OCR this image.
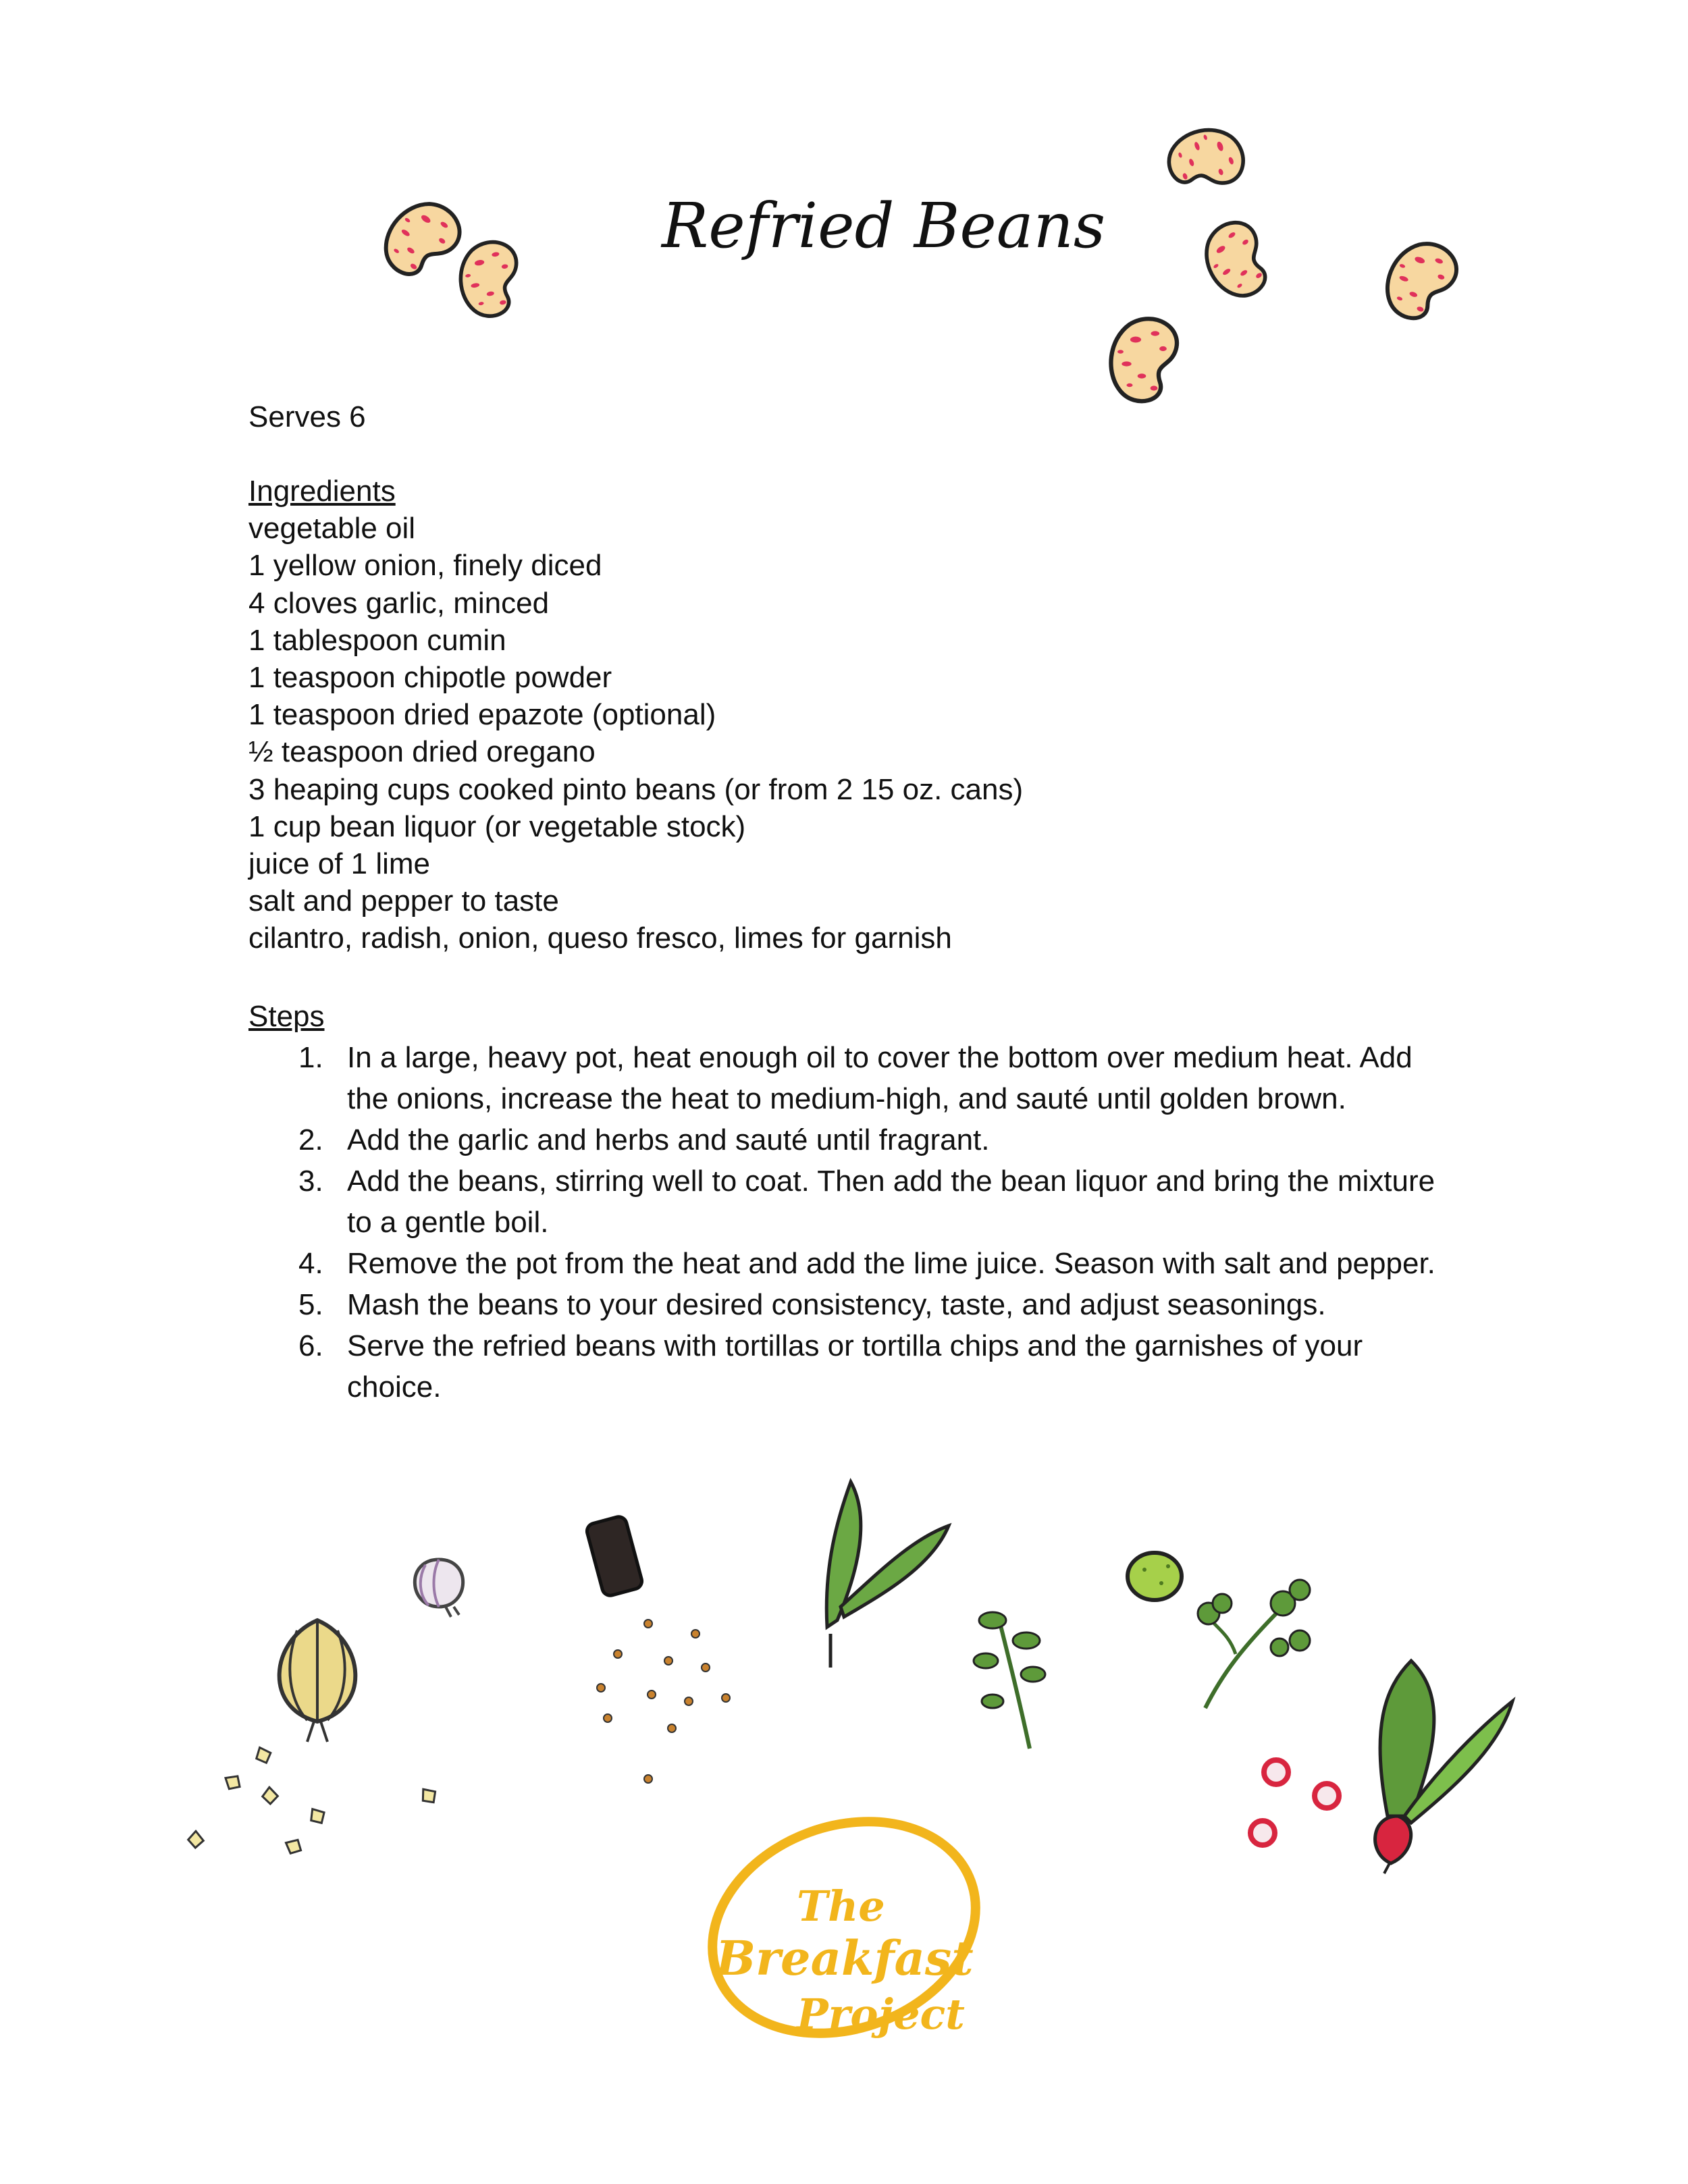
Refried Beans
Serves 6
Ingredients
vegetable oil
1 yellow onion, finely diced
4 cloves garlic, minced
1 tablespoon cumin
1 teaspoon chipotle powder
1 teaspoon dried epazote (optional)
½ teaspoon dried oregano
3 heaping cups cooked pinto beans (or from 2 15 oz. cans)
1 cup bean liquor (or vegetable stock)
juice of 1 lime
salt and pepper to taste
cilantro, radish, onion, queso fresco, limes for garnish
Steps
1. In a large, heavy pot, heat enough oil to cover the bottom over medium heat. Add the onions, increase the heat to medium-high, and sauté until golden brown.
2. Add the garlic and herbs and sauté until fragrant.
3. Add the beans, stirring well to coat. Then add the bean liquor and bring the mixture to a gentle boil.
4. Remove the pot from the heat and add the lime juice. Season with salt and pepper.
5. Mash the beans to your desired consistency, taste, and adjust seasonings.
6. Serve the refried beans with tortillas or tortilla chips and the garnishes of your choice.
The
Breakfast
Project
